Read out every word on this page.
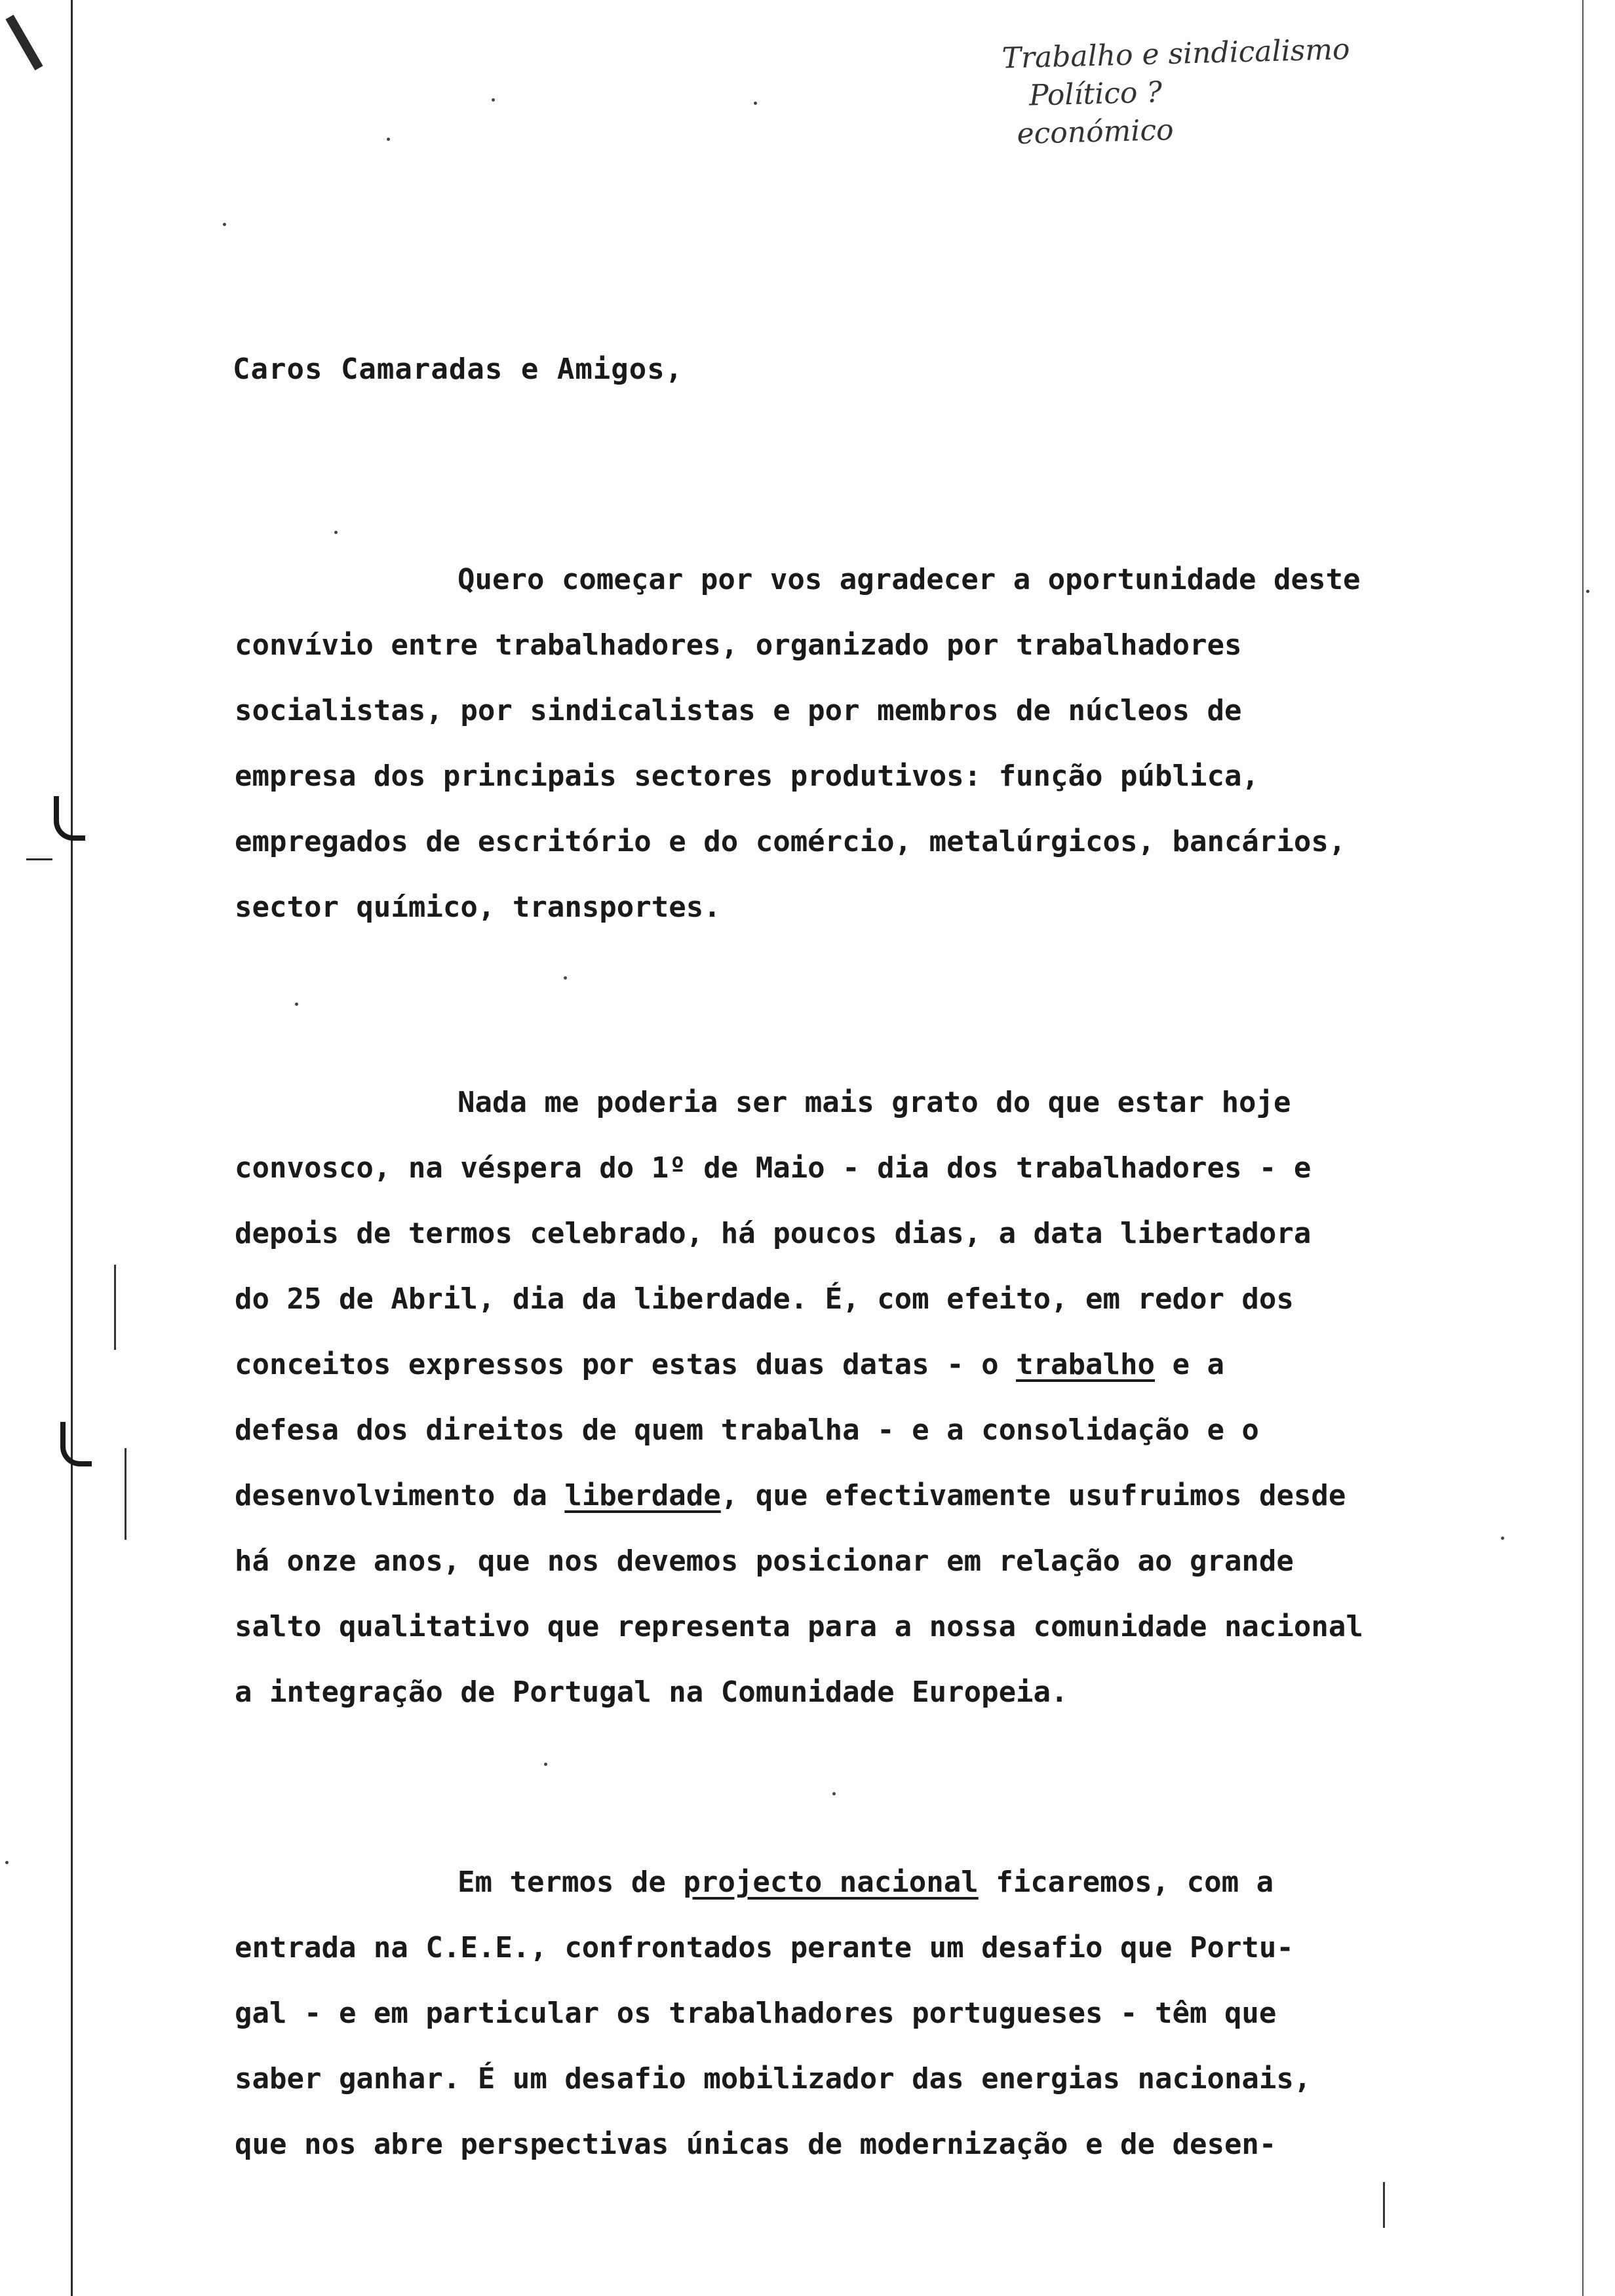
Trabalho e sindicalismo
Político ?
económico
Caros Camaradas e Amigos,
Quero começar por vos agradecer a oportunidade deste
convívio entre trabalhadores, organizado por trabalhadores
socialistas, por sindicalistas e por membros de núcleos de
empresa dos principais sectores produtivos: função pública,
empregados de escritório e do comércio, metalúrgicos, bancários,
sector químico, transportes.
Nada me poderia ser mais grato do que estar hoje
convosco, na véspera do 1º de Maio - dia dos trabalhadores - e
depois de termos celebrado, há poucos dias, a data libertadora
do 25 de Abril, dia da liberdade. É, com efeito, em redor dos
conceitos expressos por estas duas datas - o trabalho e a
defesa dos direitos de quem trabalha - e a consolidação e o
desenvolvimento da liberdade, que efectivamente usufruimos desde
há onze anos, que nos devemos posicionar em relação ao grande
salto qualitativo que representa para a nossa comunidade nacional
a integração de Portugal na Comunidade Europeia.
Em termos de projecto nacional ficaremos, com a
entrada na C.E.E., confrontados perante um desafio que Portu-
gal - e em particular os trabalhadores portugueses - têm que
saber ganhar. É um desafio mobilizador das energias nacionais,
que nos abre perspectivas únicas de modernização e de desen-
